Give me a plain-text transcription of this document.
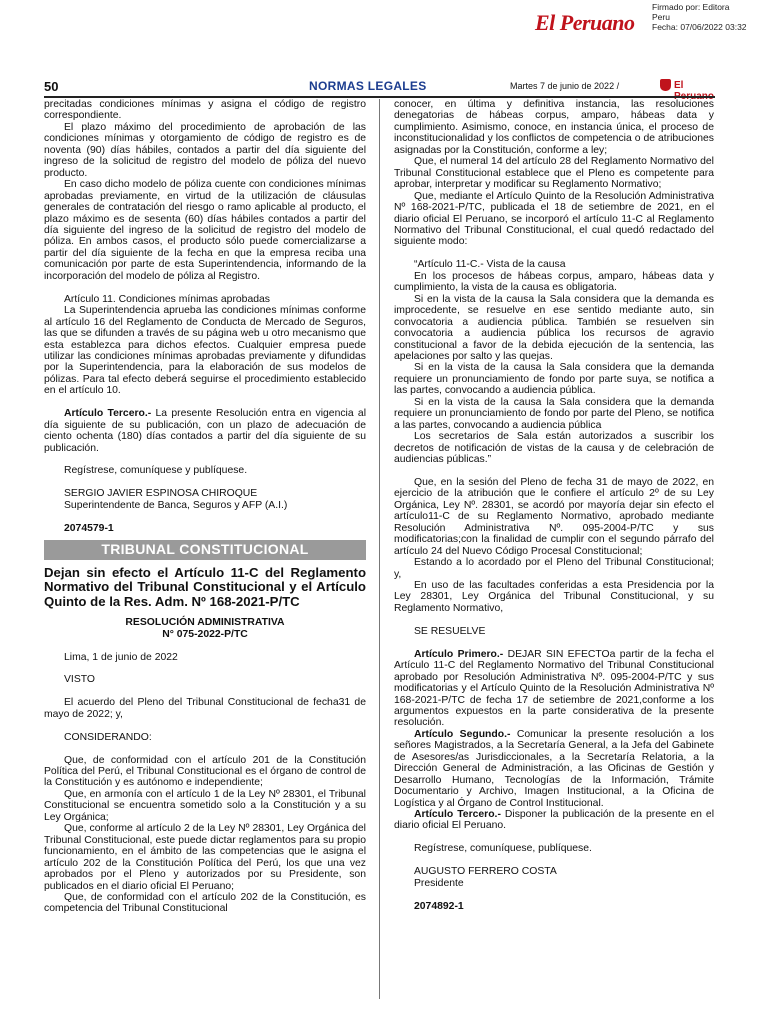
El Peruano
Firmado por: Editora
Peru
Fecha: 07/06/2022 03:32
50	NORMAS LEGALES	Martes 7 de junio de 2022 /	El

precitadas condiciones mínimas y asigna el código de registro correspondiente.

El plazo máximo del procedimiento de aprobación de las condiciones mínimas y otorgamiento de código de registro es de noventa (90) días hábiles, contados a partir del día siguiente del ingreso de la solicitud de registro del modelo de póliza del nuevo producto.

En caso dicho modelo de póliza cuente con condiciones mínimas aprobadas previamente, en virtud de la utilización de cláusulas generales de contratación del riesgo o ramo aplicable al producto, el plazo máximo es de sesenta (60) días hábiles contados a partir del día siguiente del ingreso de la solicitud de registro del modelo de póliza. En ambos casos, el producto sólo puede comercializarse a partir del día siguiente de la fecha en que la empresa reciba una comunicación por parte de esta Superintendencia, informando de la incorporación del modelo de póliza al Registro.

Artículo 11. Condiciones mínimas aprobadas

La Superintendencia aprueba las condiciones mínimas conforme al artículo 16 del Reglamento de Conducta de Mercado de Seguros, las que se difunden a través de su página web u otro mecanismo que esta establezca para dichos efectos. Cualquier empresa puede utilizar las condiciones mínimas aprobadas previamente y difundidas por la Superintendencia, para la elaboración de sus modelos de pólizas. Para tal efecto deberá seguirse el procedimiento establecido en el artículo 10.

Artículo Tercero.- La presente Resolución entra en vigencia al día siguiente de su publicación, con un plazo de adecuación de ciento ochenta (180) días contados a partir del día siguiente de su publicación.

Regístrese, comuníquese y publíquese.

SERGIO JAVIER ESPINOSA CHIROQUE

Superintendente de Banca, Seguros y AFP (A.I.)

2074579-1

TRIBUNAL CONSTITUCIONAL

Dejan sin efecto el Artículo 11-C del Reglamento Normativo del Tribunal Constitucional y el Artículo Quinto de la Res. Adm. Nº 168-2021-P/TC

RESOLUCIÓN ADMINISTRATIVA
N° 075-2022-P/TC

Lima, 1 de junio de 2022

VISTO

El acuerdo del Pleno del Tribunal Constitucional de fecha31 de mayo de 2022; y,

CONSIDERANDO:

Que, de conformidad con el artículo 201 de la Constitución Política del Perú, el Tribunal Constitucional es el órgano de control de la Constitución y es autónomo e independiente;

Que, en armonía con el artículo 1 de la Ley Nº 28301, el Tribunal Constitucional se encuentra sometido solo a la Constitución y a su Ley Orgánica;

Que, conforme al artículo 2 de la Ley Nº 28301, Ley Orgánica del Tribunal Constitucional, este puede dictar reglamentos para su propio funcionamiento, en el ámbito de las competencias que le asigna el artículo 202 de la Constitución Política del Perú, los que una vez aprobados por el Pleno y autorizados por su Presidente, son publicados en el diario oficial El Peruano;

Que, de conformidad con el artículo 202 de la Constitución, es competencia del Tribunal Constitucional

conocer, en última y definitiva instancia, las resoluciones denegatorias de hábeas corpus, amparo, hábeas data y cumplimiento. Asimismo, conoce, en instancia única, el proceso de inconstitucionalidad y los conflictos de competencia o de atribuciones asignadas por la Constitución, conforme a ley;

Que, el numeral 14 del artículo 28 del Reglamento Normativo del Tribunal Constitucional establece que el Pleno es competente para aprobar, interpretar y modificar su Reglamento Normativo;

Que, mediante el Artículo Quinto de la Resolución Administrativa Nº 168-2021-P/TC, publicada el 18 de setiembre de 2021, en el diario oficial El Peruano, se incorporó el artículo 11-C al Reglamento Normativo del Tribunal Constitucional, el cual quedó redactado del siguiente modo:

“Artículo 11-C.- Vista de la causa

En los procesos de hábeas corpus, amparo, hábeas data y cumplimiento, la vista de la causa es obligatoria.

Si en la vista de la causa la Sala considera que la demanda es improcedente, se resuelve en ese sentido mediante auto, sin convocatoria a audiencia pública. También se resuelven sin convocatoria a audiencia pública los recursos de agravio constitucional a favor de la debida ejecución de la sentencia, las apelaciones por salto y las quejas.

Si en la vista de la causa la Sala considera que la demanda requiere un pronunciamiento de fondo por parte suya, se notifica a las partes, convocando a audiencia pública.

Si en la vista de la causa la Sala considera que la demanda requiere un pronunciamiento de fondo por parte del Pleno, se notifica a las partes, convocando a audiencia pública

Los secretarios de Sala están autorizados a suscribir los decretos de notificación de vistas de la causa y de celebración de audiencias públicas.”

Que, en la sesión del Pleno de fecha 31 de mayo de 2022, en ejercicio de la atribución que le confiere el artículo 2º de su Ley Orgánica, Ley Nº. 28301, se acordó por mayoría dejar sin efecto el artículo11-C de su Reglamento Normativo, aprobado mediante Resolución Administrativa Nº. 095-2004-P/TC y sus modificatorias;con la finalidad de cumplir con el segundo párrafo del artículo 24 del Nuevo Código Procesal Constitucional;

Estando a lo acordado por el Pleno del Tribunal Constitucional; y,

En uso de las facultades conferidas a esta Presidencia por la Ley 28301, Ley Orgánica del Tribunal Constitucional, y su Reglamento Normativo,

SE RESUELVE

Artículo Primero.- DEJAR SIN EFECTOa partir de la fecha el Artículo 11-C del Reglamento Normativo del Tribunal Constitucional aprobado por Resolución Administrativa Nº. 095-2004-P/TC y sus modificatorias y el Artículo Quinto de la Resolución Administrativa Nº 168-2021-P/TC de fecha 17 de setiembre de 2021,conforme a los argumentos expuestos en la parte considerativa de la presente resolución.

Artículo Segundo.- Comunicar la presente resolución a los señores Magistrados, a la Secretaría General, a la Jefa del Gabinete de Asesores/as Jurisdiccionales, a la Secretaría Relatoria, a la Dirección General de Administración, a las Oficinas de Gestión y Desarrollo Humano, Tecnologías de la Información, Trámite Documentario y Archivo, Imagen Institucional, a la Oficina de Logística y al Órgano de Control Institucional.

Artículo Tercero.- Disponer la publicación de la presente en el diario oficial El Peruano.

Regístrese, comuníquese, publíquese.

AUGUSTO FERRERO COSTA

Presidente

2074892-1
